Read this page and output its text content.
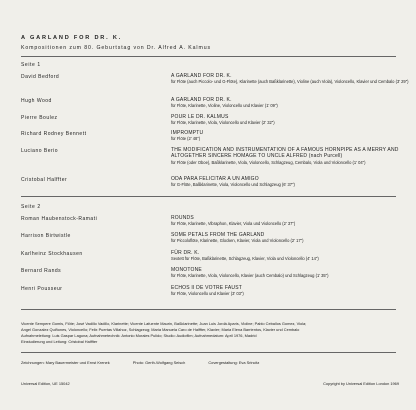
A GARLAND FOR DR. K.
Kompositionen zum 80. Geburtstag von Dr. Alfred A. Kalmus
Seite 1
David Bedford	A GARLAND FOR DR. K.
für Flöte (auch Piccolo- und G-Flöte), Klarinette (auch Baßklarinette), Violine (auch Viola), Violoncello, Klavier und Cembalo (3' 29")
Hugh Wood	A GARLAND FOR DR. K.
für Flöte, Klarinette, Violine, Violoncello und Klavier (1' 09")
Pierre Boulez	POUR LE DR. KALMUS
für Flöte, Klarinette, Viola, Violoncello und Klavier (2' 32")
Richard Rodney Bennett	IMPROMPTU
für Flöte (2' 48")
Luciano Berio	THE MODIFICATION AND INSTRUMENTATION OF A FAMOUS HORNPIPE AS A MERRY AND ALTOGETHER SINCERE HOMAGE TO UNCLE ALFRED (nach Purcell)
für Flöte (oder Oboe), Baßklarinette, Viola, Violoncello, Schlagzeug, Cembalo, Viola und Violoncello (1' 04")
Cristobal Halffter	ODA PARA FELICITAR A UN AMIGO
für G-Flöte, Baßklarinette, Viola, Violoncello und Schlagzeug (6' 37")
Seite 2
Roman Haubenstock-Ramati	ROUNDS
für Flöte, Klarinette, Vibraphon, Klavier, Viola und Violoncello (2' 37")
Harrison Birtwistle	SOME PETALS FROM THE GARLAND
für Piccoloflöte, Klarinette, Glocken, Klavier, Viola und Violoncello (2' 17")
Karlheinz Stockhausen	FÜR DR. K.
Sextett für Flöte, Baßklarinette, Schlagzeug, Klavier, Viola und Violoncello (4' 14")
Bernard Rands	MONOTONE
für Flöte, Klarinette, Viola, Violoncello, Klavier (auch Cembalo) und Schlagzeug (1' 35")
Henri Pousseur	ECHOS II DE VOTRE FAUST
für Flöte, Violoncello und Klavier (3' 03")
Vicente Sempere Gomis, Flöte; José Vadillo Vadillo, Klarinette; Vicente Lafuente Maurin, Baßklarinette; Juan Luis Jordá Aparis, Violine; Pablo Ceballos Gomez, Viola;
Angel Gonzalez Quiñones, Violoncello; Felix Puertas Villahoz, Schlagzeug; Maria Manuela Caro de Halffter, Klavier; Maria Elena Barrientos, Klavier und Cembalo
Aufnahmeleitung: Luis Gaspar Laguna; Aufnahmetechnik: Antonio Morales Pulido; Studio: Audiofilm; Aufnahmedatum: April 1976, Madrid
Einstudierung und Leitung: Cristobal Halffter
Zeichnungen: Mary Bauermeister und Ernst Krenek	Photo: Gerth-Wolfgang Seisch	Covergestaltung: Eva Srincitz
Universal Edition, UE 15042	Copyright by Universal Edition London 1969
